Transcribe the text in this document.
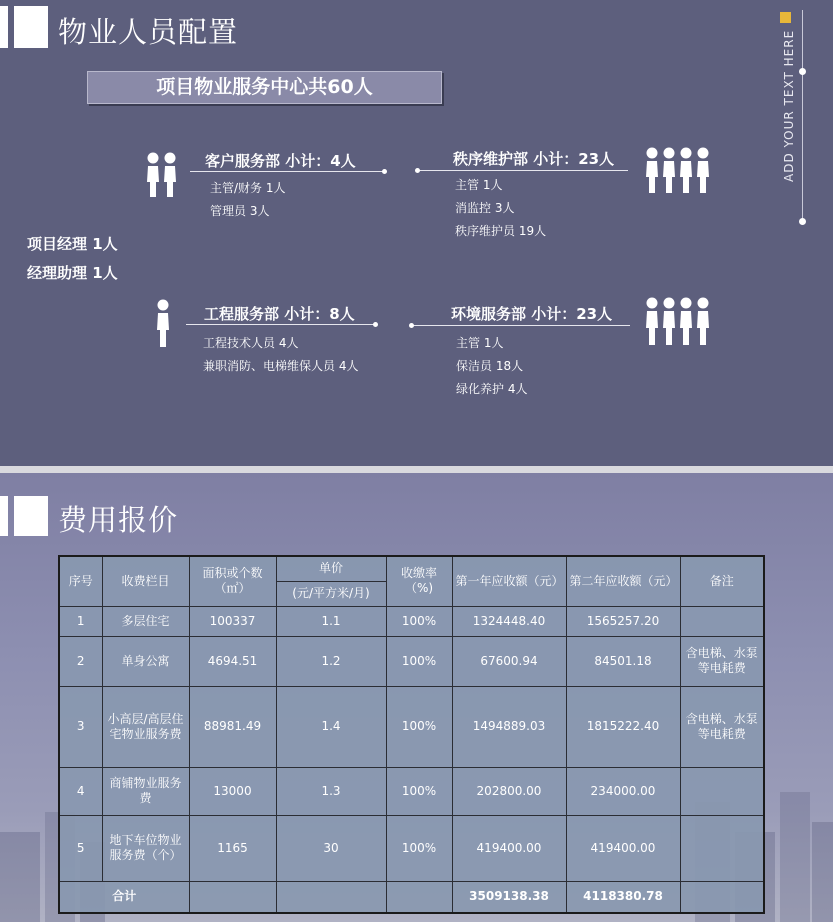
物业人员配置
项目物业服务中心共60人	ADD YOUR TEXT HERE
项目经理 1人
经理助理 1人
客户服务部 小计：4人
主管/财务 1人
管理员 3人
秩序维护部 小计：23人
主管 1人
消监控 3人
秩序维护员 19人
工程服务部 小计：8人
工程技术人员 4人
兼职消防、电梯维保人员 4人
环境服务部 小计：23人
主管 1人
保洁员 18人
绿化养护 4人
费用报价
序号	收费栏目	面积或个数（㎡）	单价	收缴率（%)	第一年应收额（元）	第二年应收额（元）	备注
			(元/平方米/月)				
1	多层住宅	100337	1.1	100%	1324448.40	1565257.20	
2	单身公寓	4694.51	1.2	100%	67600.94	84501.18	含电梯、水泵等电耗费
3	小高层/高层住宅物业服务费	88981.49	1.4	100%	1494889.03	1815222.40	含电梯、水泵等电耗费
4	商铺物业服务费	13000	1.3	100%	202800.00	234000.00	
5	地下车位物业服务费（个）	1165	30	100%	419400.00	419400.00	
合计					3509138.38	4118380.78	
